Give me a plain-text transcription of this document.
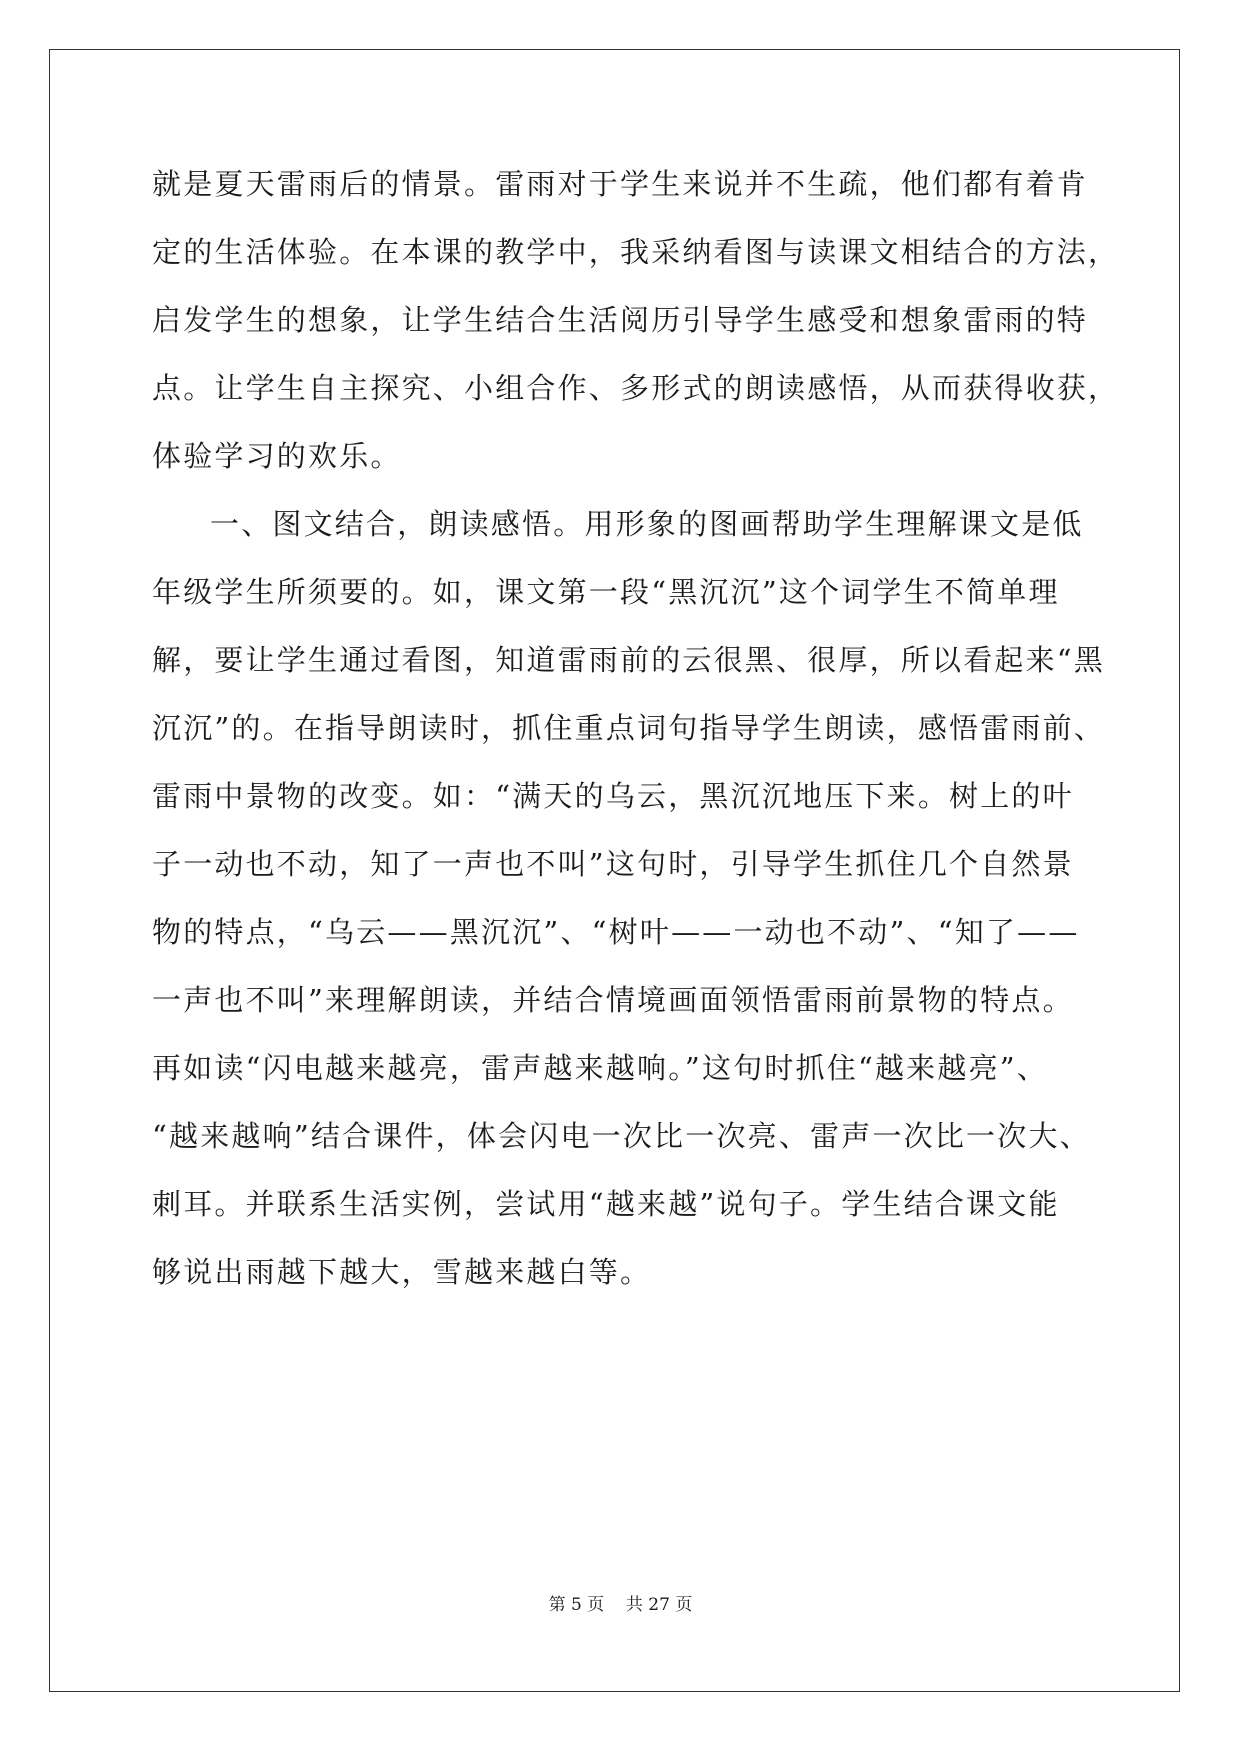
就是夏天雷雨后的情景。雷雨对于学生来说并不生疏，他们都有着肯
定的生活体验。在本课的教学中，我采纳看图与读课文相结合的方法，
启发学生的想象，让学生结合生活阅历引导学生感受和想象雷雨的特
点。让学生自主探究、小组合作、多形式的朗读感悟，从而获得收获，
体验学习的欢乐。
一、图文结合，朗读感悟。用形象的图画帮助学生理解课文是低
年级学生所须要的。如，课文第一段“黑沉沉”这个词学生不简单理
解，要让学生通过看图，知道雷雨前的云很黑、很厚，所以看起来“黑
沉沉”的。在指导朗读时，抓住重点词句指导学生朗读，感悟雷雨前、
雷雨中景物的改变。如：“满天的乌云，黑沉沉地压下来。树上的叶
子一动也不动，知了一声也不叫”这句时，引导学生抓住几个自然景
物的特点，“乌云——黑沉沉”、“树叶——一动也不动”、“知了——
一声也不叫”来理解朗读，并结合情境画面领悟雷雨前景物的特点。
再如读“闪电越来越亮，雷声越来越响。”这句时抓住“越来越亮”、
“越来越响”结合课件，体会闪电一次比一次亮、雷声一次比一次大、
刺耳。并联系生活实例，尝试用“越来越”说句子。学生结合课文能
够说出雨越下越大，雪越来越白等。
第 5 页    共 27 页
